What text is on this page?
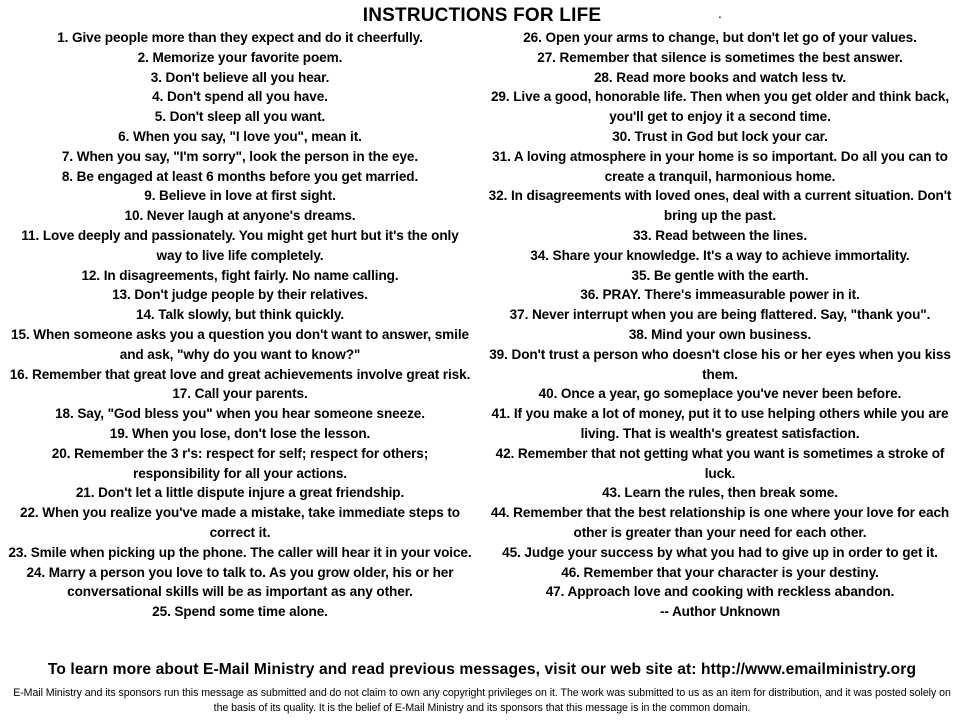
INSTRUCTIONS FOR LIFE	.

1. Give people more than they expect and do it cheerfully.

2. Memorize your favorite poem.

3. Don't believe all you hear.

4. Don't spend all you have.

5. Don't sleep all you want.

6. When you say, "I love you", mean it.

7. When you say, "I'm sorry", look the person in the eye.

8. Be engaged at least 6 months before you get married.

9. Believe in love at first sight.

10. Never laugh at anyone's dreams.

11. Love deeply and passionately. You might get hurt but it's the only way to live life completely.

12. In disagreements, fight fairly. No name calling.

13. Don't judge people by their relatives.

14. Talk slowly, but think quickly.

15. When someone asks you a question you don't want to answer, smile and ask, "why do you want to know?"

16. Remember that great love and great achievements involve great risk.

17. Call your parents.

18. Say, "God bless you" when you hear someone sneeze.

19. When you lose, don't lose the lesson.

20. Remember the 3 r's: respect for self; respect for others; responsibility for all your actions.

21. Don't let a little dispute injure a great friendship.

22. When you realize you've made a mistake, take immediate steps to correct it.

23. Smile when picking up the phone. The caller will hear it in your voice.

24. Marry a person you love to talk to. As you grow older, his or her conversational skills will be as important as any other.

25. Spend some time alone.

26. Open your arms to change, but don't let go of your values.

27. Remember that silence is sometimes the best answer.

28. Read more books and watch less tv.

29. Live a good, honorable life. Then when you get older and think back, you'll get to enjoy it a second time.

30. Trust in God but lock your car.

31. A loving atmosphere in your home is so important. Do all you can to create a tranquil, harmonious home.

32. In disagreements with loved ones, deal with a current situation. Don't bring up the past.

33. Read between the lines.

34. Share your knowledge. It's a way to achieve immortality.

35. Be gentle with the earth.

36. PRAY. There's immeasurable power in it.

37. Never interrupt when you are being flattered. Say, "thank you".

38. Mind your own business.

39. Don't trust a person who doesn't close his or her eyes when you kiss them.

40. Once a year, go someplace you've never been before.

41. If you make a lot of money, put it to use helping others while you are living. That is wealth's greatest satisfaction.

42. Remember that not getting what you want is sometimes a stroke of luck.

43. Learn the rules, then break some.

44. Remember that the best relationship is one where your love for each other is greater than your need for each other.

45. Judge your success by what you had to give up in order to get it.

46. Remember that your character is your destiny.

47. Approach love and cooking with reckless abandon.

-- Author Unknown

To learn more about E-Mail Ministry and read previous messages, visit our web site at: http://www.emailministry.org
E-Mail Ministry and its sponsors run this message as submitted and do not claim to own any copyright privileges on it. The work was submitted to us as an item for distribution, and it was posted solely on the basis of its quality. It is the belief of E-Mail Ministry and its sponsors that this message is in the common domain.
